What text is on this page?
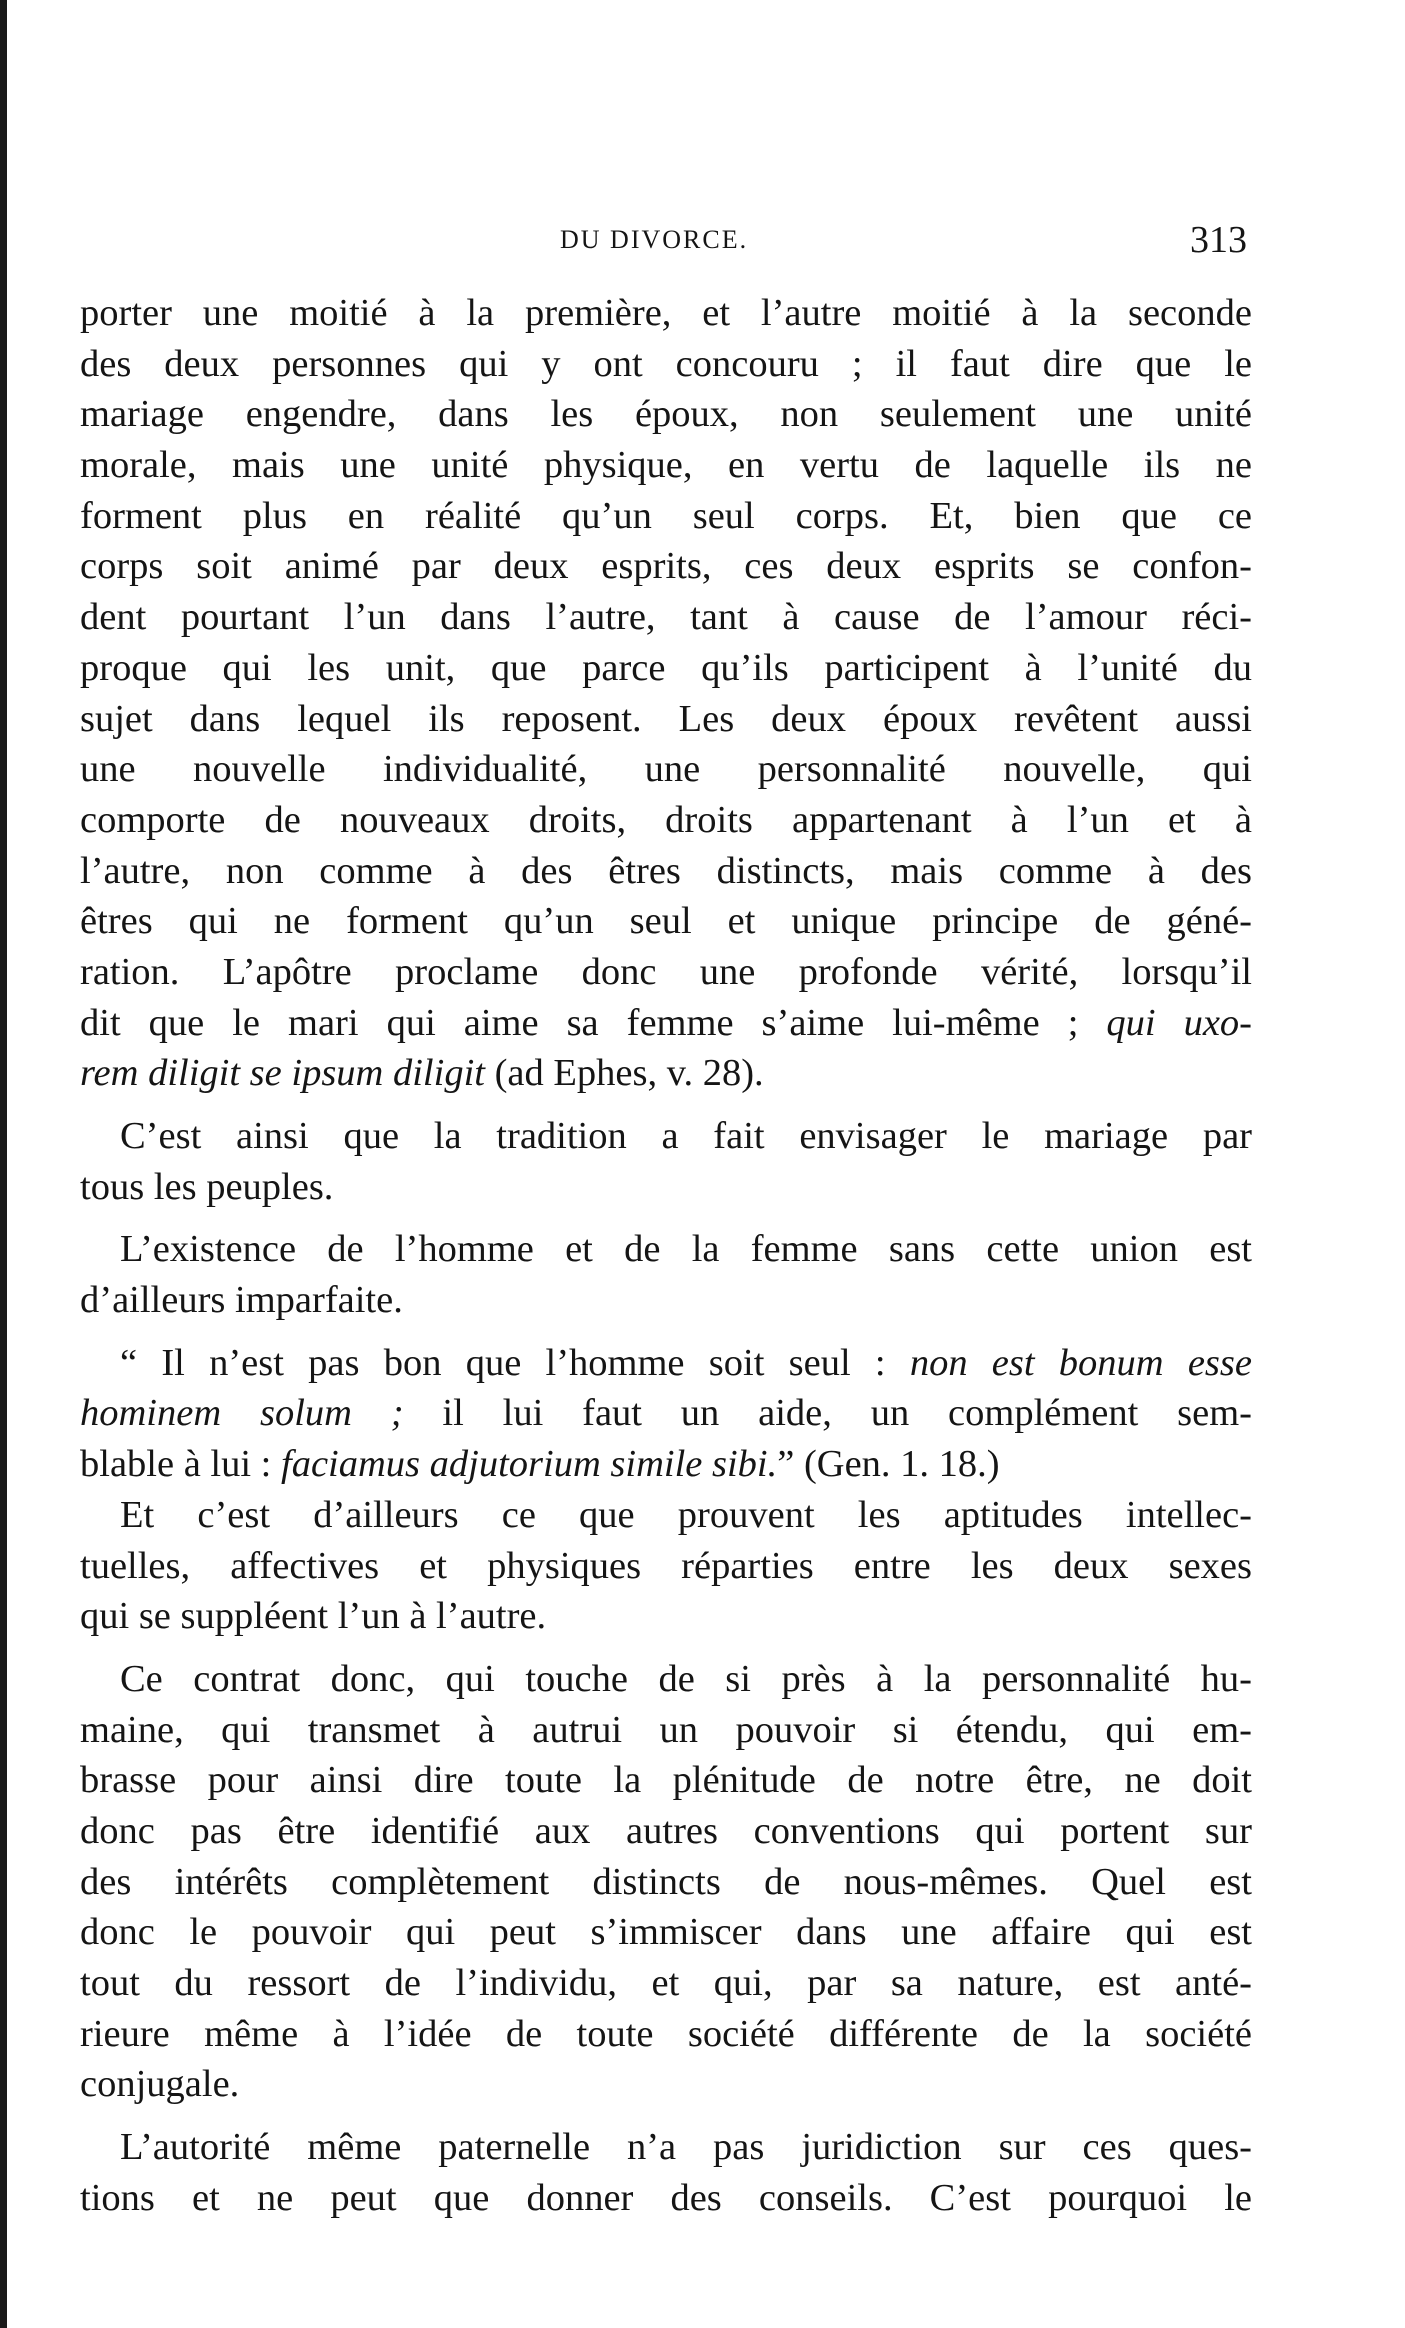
DU DIVORCE.	313
porter une moitié à la première, et l’autre moitié à la seconde
des deux personnes qui y ont concouru ; il faut dire que le
mariage engendre, dans les époux, non seulement une unité
morale, mais une unité physique, en vertu de laquelle ils ne
forment plus en réalité qu’un seul corps. Et, bien que ce
corps soit animé par deux esprits, ces deux esprits se confon-
dent pourtant l’un dans l’autre, tant à cause de l’amour réci-
proque qui les unit, que parce qu’ils participent à l’unité du
sujet dans lequel ils reposent. Les deux époux revêtent aussi
une nouvelle individualité, une personnalité nouvelle, qui
comporte de nouveaux droits, droits appartenant à l’un et à
l’autre, non comme à des êtres distincts, mais comme à des
êtres qui ne forment qu’un seul et unique principe de géné-
ration. L’apôtre proclame donc une profonde vérité, lorsqu’il
dit que le mari qui aime sa femme s’aime lui-même ; qui uxo-
rem diligit se ipsum diligit (ad Ephes, v. 28).
C’est ainsi que la tradition a fait envisager le mariage par
tous les peuples.
L’existence de l’homme et de la femme sans cette union est
d’ailleurs imparfaite.
“ Il n’est pas bon que l’homme soit seul : non est bonum esse
hominem solum ; il lui faut un aide, un complément sem-
blable à lui : faciamus adjutorium simile sibi.” (Gen. 1. 18.)
Et c’est d’ailleurs ce que prouvent les aptitudes intellec-
tuelles, affectives et physiques réparties entre les deux sexes
qui se suppléent l’un à l’autre.
Ce contrat donc, qui touche de si près à la personnalité hu-
maine, qui transmet à autrui un pouvoir si étendu, qui em-
brasse pour ainsi dire toute la plénitude de notre être, ne doit
donc pas être identifié aux autres conventions qui portent sur
des intérêts complètement distincts de nous-mêmes. Quel est
donc le pouvoir qui peut s’immiscer dans une affaire qui est
tout du ressort de l’individu, et qui, par sa nature, est anté-
rieure même à l’idée de toute société différente de la société
conjugale.
L’autorité même paternelle n’a pas juridiction sur ces ques-
tions et ne peut que donner des conseils. C’est pourquoi le
